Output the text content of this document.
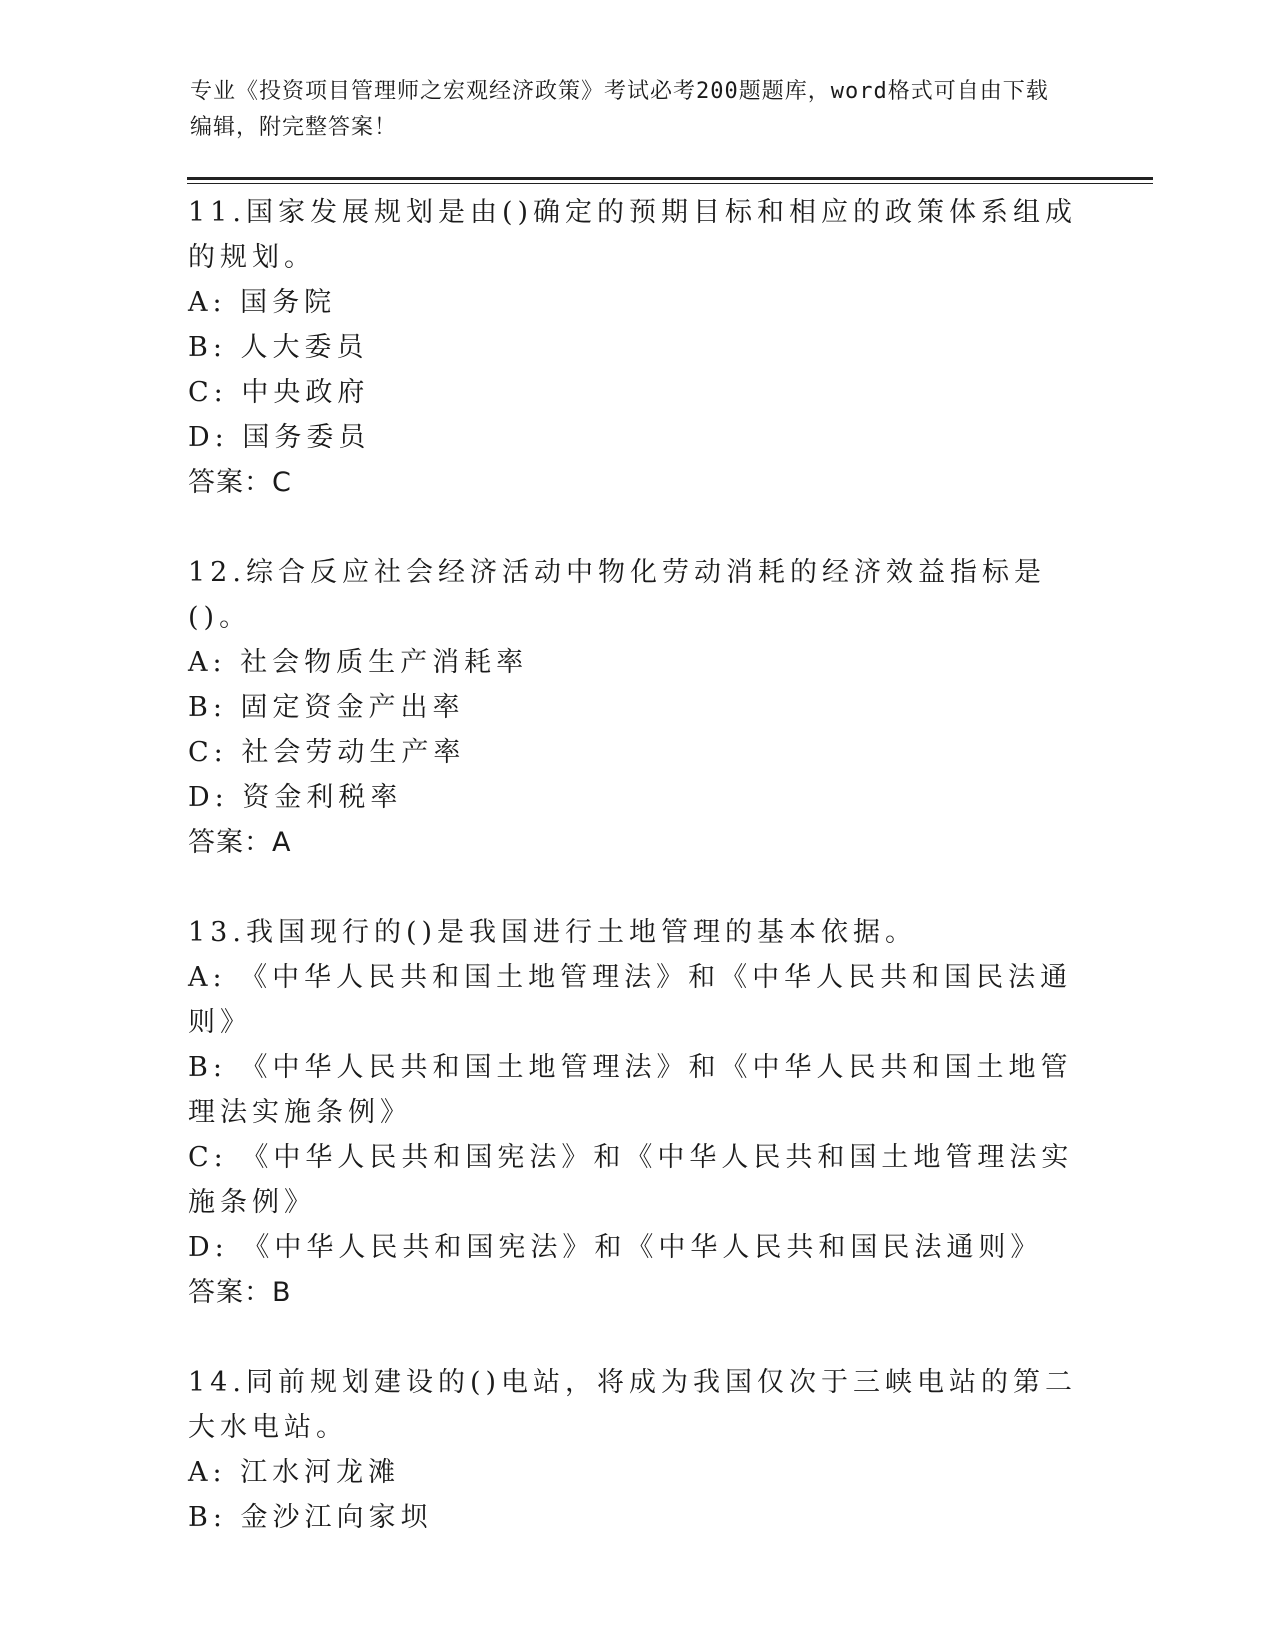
专业《投资项目管理师之宏观经济政策》考试必考200题题库，word格式可自由下载编辑，附完整答案！

11.国家发展规划是由()确定的预期目标和相应的政策体系组成的规划。

A: 国务院

B: 人大委员

C: 中央政府

D: 国务委员

答案：C

12.综合反应社会经济活动中物化劳动消耗的经济效益指标是()。

A: 社会物质生产消耗率

B: 固定资金产出率

C: 社会劳动生产率

D: 资金利税率

答案：A

13.我国现行的()是我国进行土地管理的基本依据。

A: 《中华人民共和国土地管理法》和《中华人民共和国民法通则》

B: 《中华人民共和国土地管理法》和《中华人民共和国土地管理法实施条例》

C: 《中华人民共和国宪法》和《中华人民共和国土地管理法实施条例》

D: 《中华人民共和国宪法》和《中华人民共和国民法通则》

答案：B

14.同前规划建设的()电站，将成为我国仅次于三峡电站的第二大水电站。

A: 江水河龙滩

B: 金沙江向家坝
